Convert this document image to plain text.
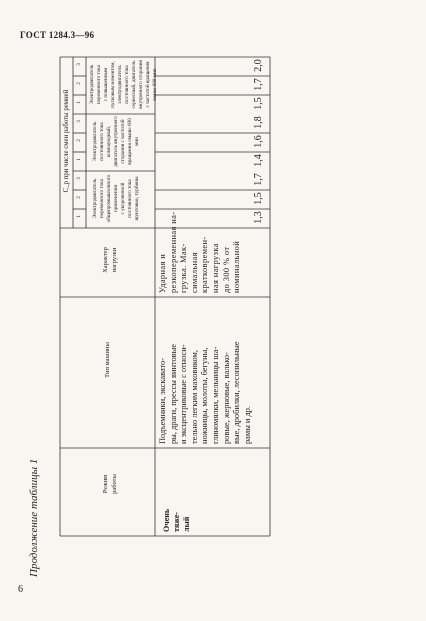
ГОСТ 1284.3—96
Режим
работы
Тип машины
Характер
нагрузки
С_p при числе смен работы ремней
1
2
3
1
2
3
1
2
3
Электродвигатель
переменного тока
общепромышленного
применения
с укороченной
постоянного тока
шунтовые, турбины
Электродвигатель
постоянного тока
компаундный,
двигатель внутреннего
сгорания с частотой
вращения свыше 600
мин
Электродвигатель
переменного тока
с повышенным
пусковым моментом,
электродвигатель
постоянного тока
сериесный, двигатель
внутреннего сгорания
с частотой вращения
менее 600 мин
Очень
тяже-
лый
Подъемники, экскавато-
ры, драги, прессы винтовые
и эксцентриковые с относи-
тельно легким маховиком,
ножницы, молоты, бегуны,
глиномялки, мельницы ша-
ровые, жерновые, валько-
вые, дробилки, лесопильные
рамы и др.
Ударная и
резкопеременная на-
грузка. Мак-
симальная
кратковремен-
ная нагрузка
до 300 % от
номинальной
1,3
1,5
1,7
1,4
1,6
1,8
1,5
1,7
2,0
Продолжение таблицы 1
6
